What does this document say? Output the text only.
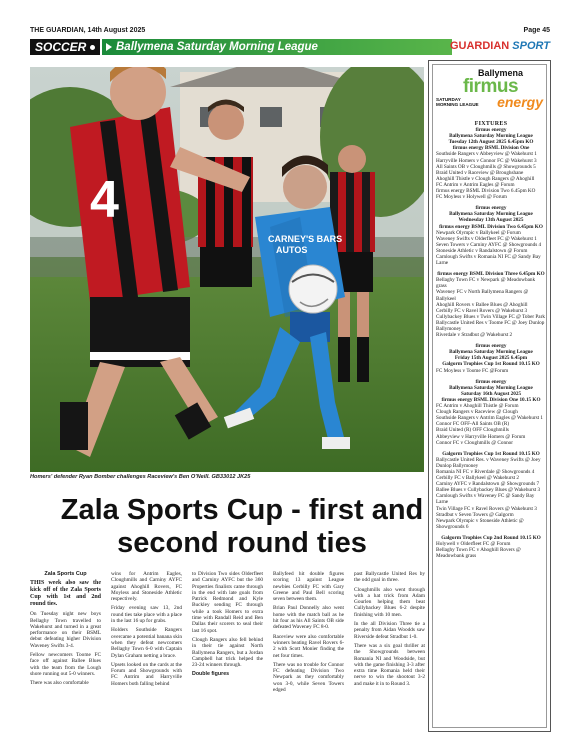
THE GUARDIAN, 14th August 2025	Page 45
SOCCER	Ballymena Saturday Morning League	GUARDIAN SPORT
4
CARNEY'S BARS
AUTOS
Homers' defender Ryan Bomber challenges Raceview's Ben O'Neill. GB33012 JK25
Zala Sports Cup - first and second round ties
Zala Sports Cup

THIS week also saw the kick off of the Zala Sports Cup with 1st and 2nd round ties.

On Tuesday night new boys Bellaghy Town travelled to Wakehurst and turned in a great performance on their BSML debut defeating higher Division Waveney Swifts 3-4.

Fellow newcomers Toome FC face off against Ballee Blues with the team from the Lough shore running out 5-0 winners.

There was also comfortable

wins for Antrim Eagles, Cloughmills and Carniny AYFC against Ahoghill Rovers, FC Moyless and Stoneside Athletic respectively.

Friday evening saw 13, 2nd round ties take place with a place in the last 16 up for grabs.

Holders Southside Rangers overcame a potential banana skin when they defeat newcomers Bellaghy Town 6-0 with Captain Dylan Graham netting a brace.

Upsets looked on the cards at the Forum and Showgrounds with FC Antrim and Harryville Homers both falling behind

to Division Two sides Olderfleet and Carniny AYFC but the 360 Properties finalists came through in the end with late goals from Patrick Redmond and Kyle Buckley sending FC through while a took Homers to extra time with Randall Reid and Ben Dallas their scorers to seal their last 16 spot.

Clough Rangers also fell behind in their tie against North Ballymena Rangers, but a Jordan Campbell hat trick helped the 23-24 winners through.

Double figures

Ballyfeed hit double figures scoring 13 against League newbies Cerbilly FC with Gary Greene and Paul Bell scoring seven between them.

Brian Paul Donnelly also went home with the match ball as he hit four as his All Saints OB side defeated Waveney FC 8-0.

Raceview were also comfortable winners beating Ravel Rovers 6-2 with Scott Monier finding the net four times.

There was no trouble for Connor FC defeating Division Two Newpark as they comfortably won 3-0, while Seven Towers edged

past Ballycastle United Res by the odd goal in three.

Cloughmills also went through with a hat trick from Adam Gourlen helping them beat Cullybackey Blues 6-2 despite finishing with 10 men.

In the all Division Three tie a penalty from Aidan Woodds saw Riverside defeat Stradbut 1-0.

There was a six goal thriller at the Showgrounds between Romania NI and Woodside, but with the game finishing 3-3 after extra time Romania held their nerve to win the shootout 3-2 and make it in to Round 3.

Ballymena
firmus
SATURDAY
MORNING LEAGUE energy
FIXTURES
firmus energy
Ballymena Saturday Morning League
Tuesday 12th August 2025 6.45pm KO
firmus energy BSML Division One
Southside Rangers v Abbeyview @ Wakehurst 1
Harryville Homers v Connor FC @ Wakehurst 3
All Saints OB v Cloughmills @ Showgrounds 5
Braid United v Raceview @ Broughshane
Ahoghill Thistle v Clough Rangers @ Ahoghill
FC Antrim v Antrim Eagles @ Forum
firmus energy BSML Division Two 6.45pm KO
FC Moyless v Holywell @ Forum
firmus energy
Ballymena Saturday Morning League
Wednesday 13th August 2025
firmus energy BSML Division Two 6.45pm KO
Newpark Olympic v Ballykeel @ Forum
Waveney Swifts v Olderfleet FC @ Wakehurst 1
Seven Towers v Carniny AYFC @ Showgrounds 4
Stoneside Athletic v Randalstown @ Forum
Carnlough Swifts v Romania NI FC @ Sandy Bay Larne
firmus energy BSML Division Three 6.45pm KO
Bellaghy Town FC v Newpark @ Meadowbank grass
Waveney FC v North Ballymena Rangers @ Ballykeel
Ahoghill Rovers v Ballee Blues @ Ahoghill
Cerbilly FC v Ravel Rovers @ Wakehurst 3
Cullybackey Blues v Twin Village FC @ Tober Park
Ballycastle United Res v Toome FC @ Joey Dunlop Ballymoney
Riverdale v Stradbut @ Wakehurst 2
firmus energy
Ballymena Saturday Morning League
Friday 15th August 2025 6.45pm
Galgorm Trophies Cup 1st Round 10.15 KO
FC Moyless v Toome FC @Forum
firmus energy
Ballymena Saturday Morning League
Saturday 16th August 2025
firmus energy BSML Division One 10.15 KO
FC Antrim v Ahoghill Thistle @ Forum
Clough Rangers v Raceview @ Clough
Southside Rangers v Antrim Eagles @ Wakehurst 1
Connor FC OFF-All Saints OB (R)
Braid United (R) OFF Cloughmills
Abbeyview v Harryville Homers @ Forum
Connor FC v Cloughmills @ Connor
Galgorm Trophies Cup 1st Round 10.15 KO
Ballycastle United Res. v Waveney Swifts @ Joey Dunlop Ballymoney
Romania NI FC v Riverdale @ Showgrounds 4
Cerbilly FC v Ballykeel @ Wakehurst 2
Carniny AYFC v Randalstown @ Showgrounds 7
Ballee Blues v Cullybackey Blues @ Wakehurst 3
Carnlough Swifts v Waveney FC @ Sandy Bay Larne
Twin Village FC v Ravel Rovers @ Wakehurst 3
Stradbut v Seven Towers @ Galgorm
Newpark Olympic v Stoneside Athletic @ Showgrounds 6
Galgorm Trophies Cup 2nd Round 10.15 KO
Holywell v Olderfleet FC @ Forum
Bellaghy Town FC v Ahoghill Rovers @ Meadowbank grass
